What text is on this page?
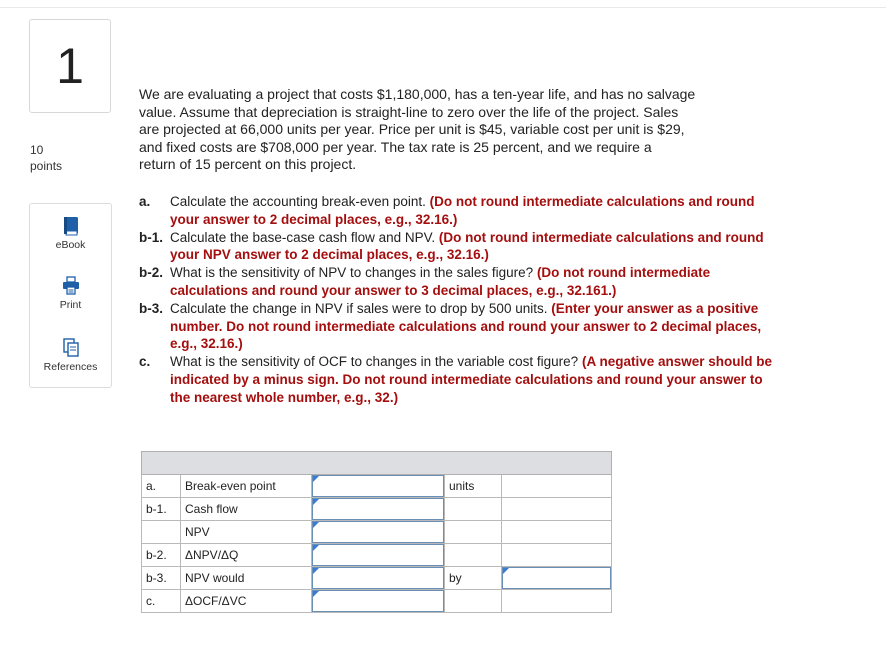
1
10
points
eBook
Print
References
We are evaluating a project that costs $1,180,000, has a ten-year life, and has no salvage
value. Assume that depreciation is straight-line to zero over the life of the project. Sales
are projected at 66,000 units per year. Price per unit is $45, variable cost per unit is $29,
and fixed costs are $708,000 per year. The tax rate is 25 percent, and we require a
return of 15 percent on this project.
a. Calculate the accounting break-even point. (Do not round intermediate calculations and round your answer to 2 decimal places, e.g., 32.16.)
b-1. Calculate the base-case cash flow and NPV. (Do not round intermediate calculations and round your NPV answer to 2 decimal places, e.g., 32.16.)
b-2. What is the sensitivity of NPV to changes in the sales figure? (Do not round intermediate calculations and round your answer to 3 decimal places, e.g., 32.161.)
b-3. Calculate the change in NPV if sales were to drop by 500 units. (Enter your answer as a positive number. Do not round intermediate calculations and round your answer to 2 decimal places, e.g., 32.16.)
c. What is the sensitivity of OCF to changes in the variable cost figure? (A negative answer should be indicated by a minus sign. Do not round intermediate calculations and round your answer to the nearest whole number, e.g., 32.)

a.	Break-even point		units	
b-1.	Cash flow	

	NPV	

b-2.	ΔNPV/ΔQ	

b-3.	NPV would		by	

c.	ΔOCF/ΔVC	
